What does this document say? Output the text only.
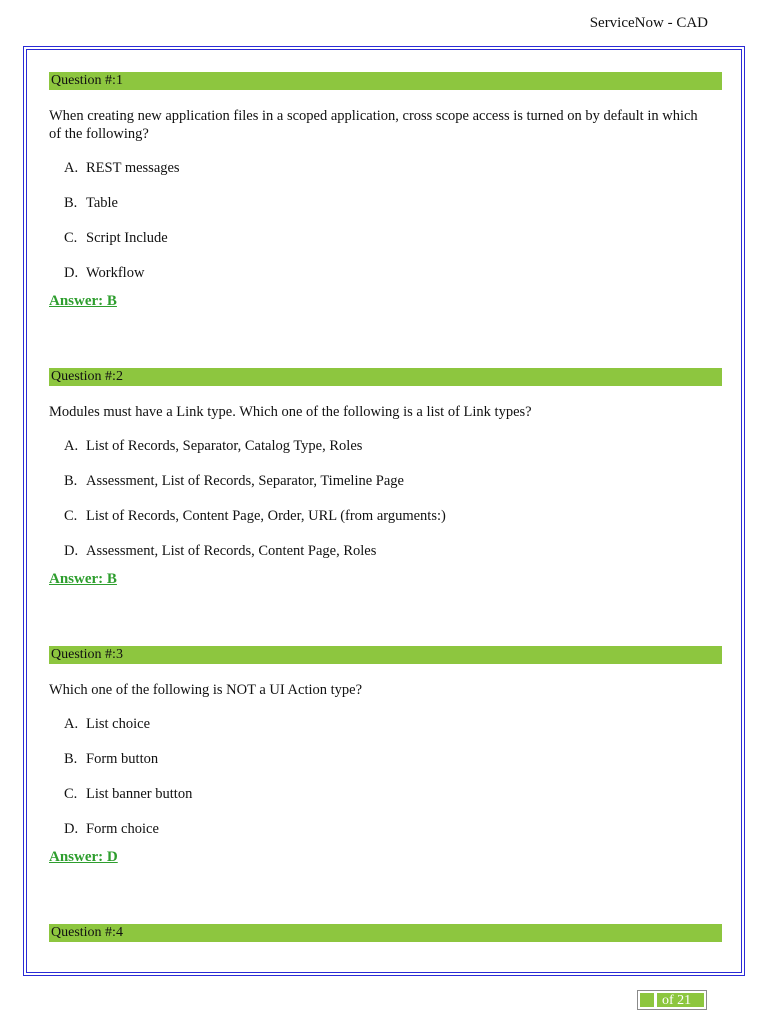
ServiceNow - CAD
Question #:1
When creating new application files in a scoped application, cross scope access is turned on by default in which of the following?
A. REST messages
B. Table
C. Script Include
D. Workflow
Answer: B
Question #:2
Modules must have a Link type. Which one of the following is a list of Link types?
A. List of Records, Separator, Catalog Type, Roles
B. Assessment, List of Records, Separator, Timeline Page
C. List of Records, Content Page, Order, URL (from arguments:)
D. Assessment, List of Records, Content Page, Roles
Answer: B
Question #:3
Which one of the following is NOT a UI Action type?
A. List choice
B. Form button
C. List banner button
D. Form choice
Answer: D
Question #:4
of 21
